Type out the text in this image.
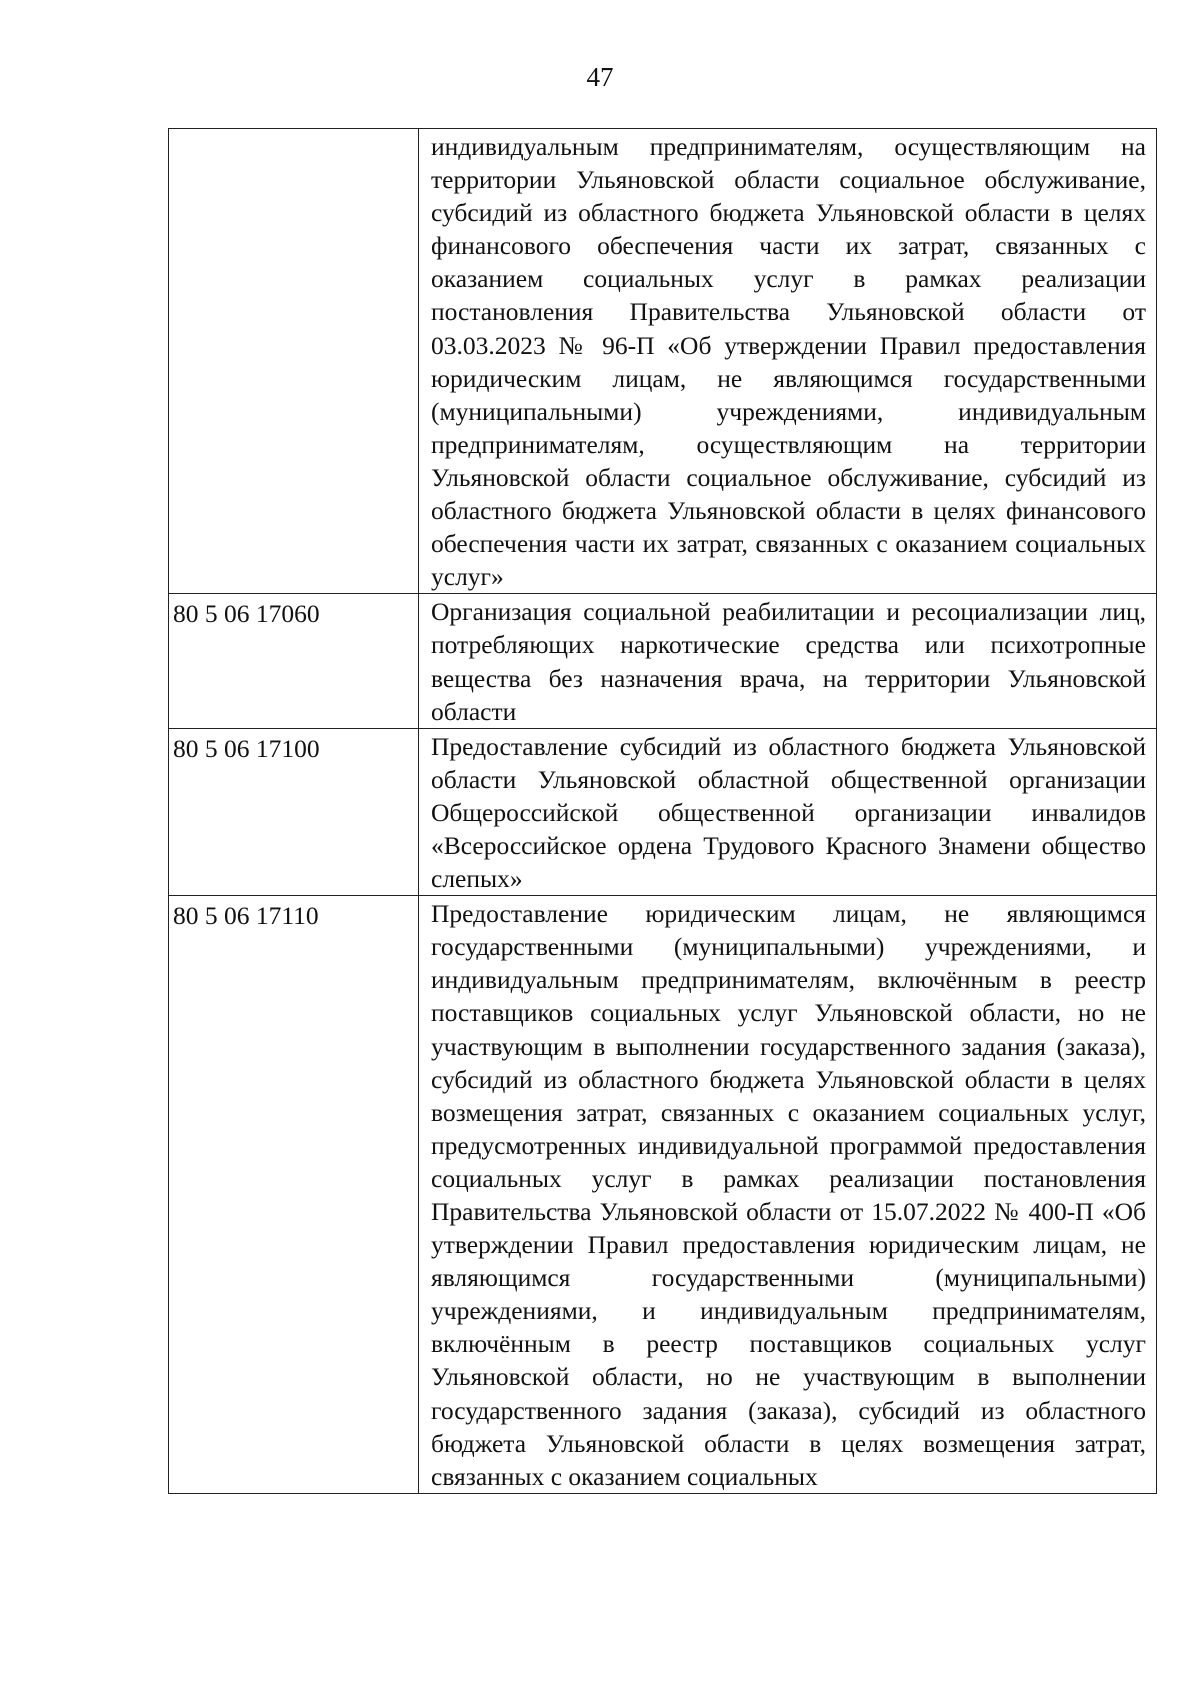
47

	индивидуальным предпринимателям, осуществляющим на территории Ульяновской области социальное обслуживание, субсидий из областного бюджета Ульяновской области в целях финансового обеспечения части их затрат, связанных с оказанием социальных услуг в рамках реализации постановления Правительства Ульяновской области от 03.03.2023 № 96-П «Об утверждении Правил предоставления юридическим лицам, не являющимся государственными (муниципальными) учреждениями, индивидуальным предпринимателям, осуществляющим на территории Ульяновской области социальное обслуживание, субсидий из областного бюджета Ульяновской области в целях финансового обеспечения части их затрат, связанных с оказанием социальных услуг»

80 5 06 17060	Организация социальной реабилитации и ресоциализации лиц, потребляющих наркотические средства или психотропные вещества без назначения врача, на территории Ульяновской области

80 5 06 17100	Предоставление субсидий из областного бюджета Ульяновской области Ульяновской областной общественной организации Общероссийской общественной организации инвалидов «Всероссийское ордена Трудового Красного Знамени общество слепых»

80 5 06 17110	Предоставление юридическим лицам, не являющимся государственными (муниципальными) учреждениями, и индивидуальным предпринимателям, включённым в реестр поставщиков социальных услуг Ульяновской области, но не участвующим в выполнении государственного задания (заказа), субсидий из областного бюджета Ульяновской области в целях возмещения затрат, связанных с оказанием социальных услуг, предусмотренных индивидуальной программой предоставления социальных услуг в рамках реализации постановления Правительства Ульяновской области от 15.07.2022 № 400-П «Об утверждении Правил предоставления юридическим лицам, не являющимся государственными (муниципальными) учреждениями, и индивидуальным предпринимателям, включённым в реестр поставщиков социальных услуг Ульяновской области, но не участвующим в выполнении государственного задания (заказа), субсидий из областного бюджета Ульяновской области в целях возмещения затрат, связанных с оказанием социальных
